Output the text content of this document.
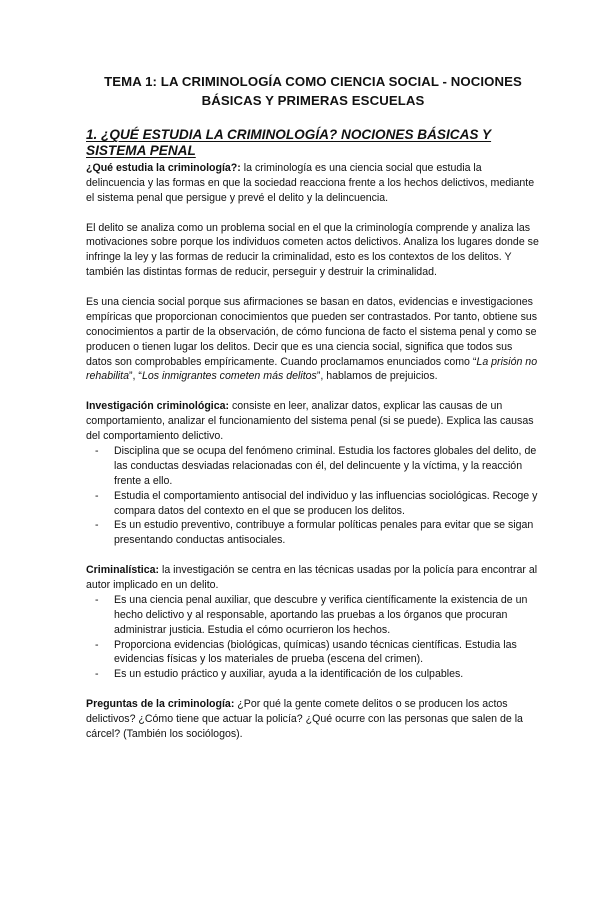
TEMA 1: LA CRIMINOLOGÍA COMO CIENCIA SOCIAL - NOCIONES BÁSICAS Y PRIMERAS ESCUELAS
1. ¿QUÉ ESTUDIA LA CRIMINOLOGÍA? NOCIONES BÁSICAS Y SISTEMA PENAL

¿Qué estudia la criminología?: la criminología es una ciencia social que estudia la delincuencia y las formas en que la sociedad reacciona frente a los hechos delictivos, mediante el sistema penal que persigue y prevé el delito y la delincuencia.

El delito se analiza como un problema social en el que la criminología comprende y analiza las motivaciones sobre porque los individuos cometen actos delictivos. Analiza los lugares donde se infringe la ley y las formas de reducir la criminalidad, esto es los contextos de los delitos. Y también las distintas formas de reducir, perseguir y destruir la criminalidad.

Es una ciencia social porque sus afirmaciones se basan en datos, evidencias e investigaciones empíricas que proporcionan conocimientos que pueden ser contrastados. Por tanto, obtiene sus conocimientos a partir de la observación, de cómo funciona de facto el sistema penal y como se producen o tienen lugar los delitos. Decir que es una ciencia social, significa que todos sus datos son comprobables empíricamente. Cuando proclamamos enunciados como “La prisión no rehabilita”, “Los inmigrantes cometen más delitos”, hablamos de prejuicios.

Investigación criminológica: consiste en leer, analizar datos, explicar las causas de un comportamiento, analizar el funcionamiento del sistema penal (si se puede). Explica las causas del comportamiento delictivo.

- Disciplina que se ocupa del fenómeno criminal. Estudia los factores globales del delito, de las conductas desviadas relacionadas con él, del delincuente y la víctima, y la reacción frente a ello.
- Estudia el comportamiento antisocial del individuo y las influencias sociológicas. Recoge y compara datos del contexto en el que se producen los delitos.
- Es un estudio preventivo, contribuye a formular políticas penales para evitar que se sigan presentando conductas antisociales.

Criminalística: la investigación se centra en las técnicas usadas por la policía para encontrar al autor implicado en un delito.

- Es una ciencia penal auxiliar, que descubre y verifica científicamente la existencia de un hecho delictivo y al responsable, aportando las pruebas a los órganos que procuran administrar justicia. Estudia el cómo ocurrieron los hechos.
- Proporciona evidencias (biológicas, químicas) usando técnicas científicas. Estudia las evidencias físicas y los materiales de prueba (escena del crimen).
- Es un estudio práctico y auxiliar, ayuda a la identificación de los culpables.

Preguntas de la criminología: ¿Por qué la gente comete delitos o se producen los actos delictivos? ¿Cómo tiene que actuar la policía? ¿Qué ocurre con las personas que salen de la cárcel? (También los sociólogos).
